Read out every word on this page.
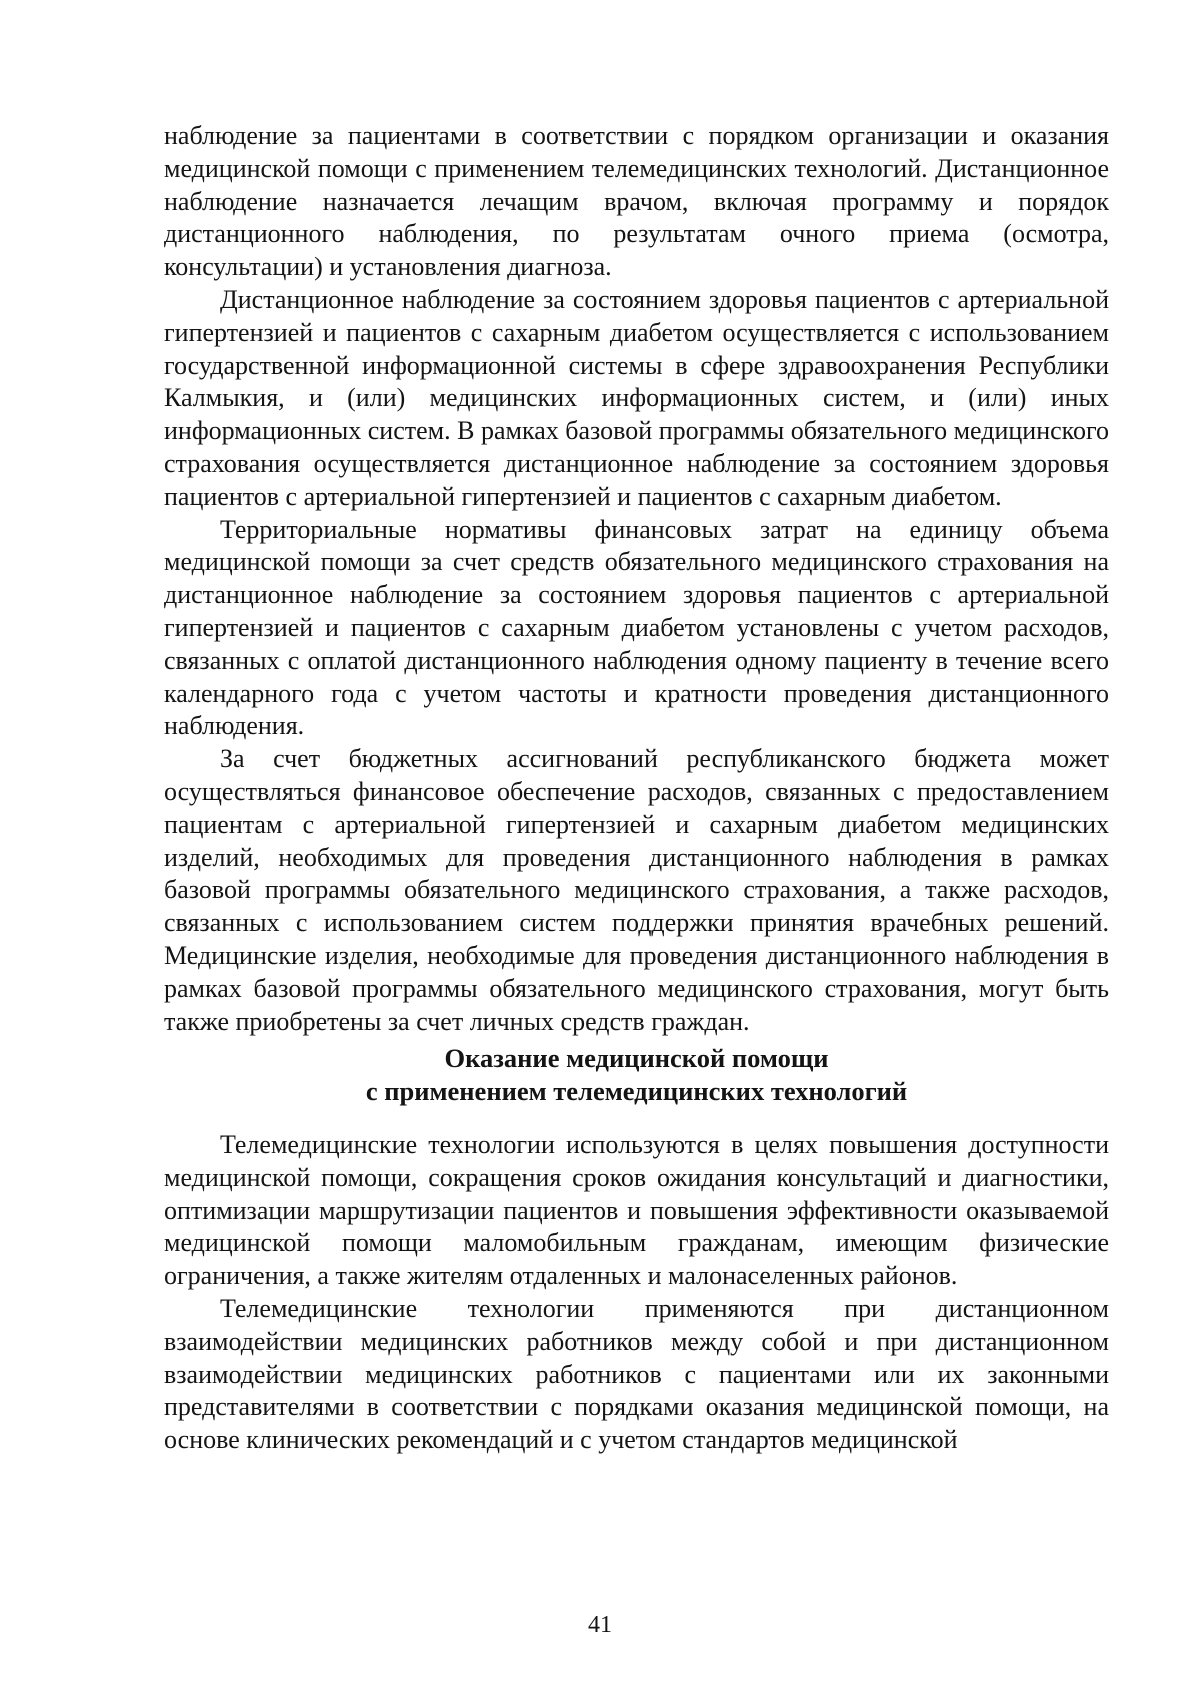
наблюдение за пациентами в соответствии с порядком организации и оказания медицинской помощи с применением телемедицинских технологий. Дистанционное наблюдение назначается лечащим врачом, включая программу и порядок дистанционного наблюдения, по результатам очного приема (осмотра, консультации) и установления диагноза.

Дистанционное наблюдение за состоянием здоровья пациентов с артериальной гипертензией и пациентов с сахарным диабетом осуществляется с использованием государственной информационной системы в сфере здравоохранения Республики Калмыкия, и (или) медицинских информационных систем, и (или) иных информационных систем. В рамках базовой программы обязательного медицинского страхования осуществляется дистанционное наблюдение за состоянием здоровья пациентов с артериальной гипертензией и пациентов с сахарным диабетом.

Территориальные нормативы финансовых затрат на единицу объема медицинской помощи за счет средств обязательного медицинского страхования на дистанционное наблюдение за состоянием здоровья пациентов с артериальной гипертензией и пациентов с сахарным диабетом установлены с учетом расходов, связанных с оплатой дистанционного наблюдения одному пациенту в течение всего календарного года с учетом частоты и кратности проведения дистанционного наблюдения.

За счет бюджетных ассигнований республиканского бюджета может осуществляться финансовое обеспечение расходов, связанных с предоставлением пациентам с артериальной гипертензией и сахарным диабетом медицинских изделий, необходимых для проведения дистанционного наблюдения в рамках базовой программы обязательного медицинского страхования, а также расходов, связанных с использованием систем поддержки принятия врачебных решений. Медицинские изделия, необходимые для проведения дистанционного наблюдения в рамках базовой программы обязательного медицинского страхования, могут быть также приобретены за счет личных средств граждан.

Оказание медицинской помощи
с применением телемедицинских технологий

Телемедицинские технологии используются в целях повышения доступности медицинской помощи, сокращения сроков ожидания консультаций и диагностики, оптимизации маршрутизации пациентов и повышения эффективности оказываемой медицинской помощи маломобильным гражданам, имеющим физические ограничения, а также жителям отдаленных и малонаселенных районов.

Телемедицинские технологии применяются при дистанционном взаимодействии медицинских работников между собой и при дистанционном взаимодействии медицинских работников с пациентами или их законными представителями в соответствии с порядками оказания медицинской помощи, на основе клинических рекомендаций и с учетом стандартов медицинской

41
